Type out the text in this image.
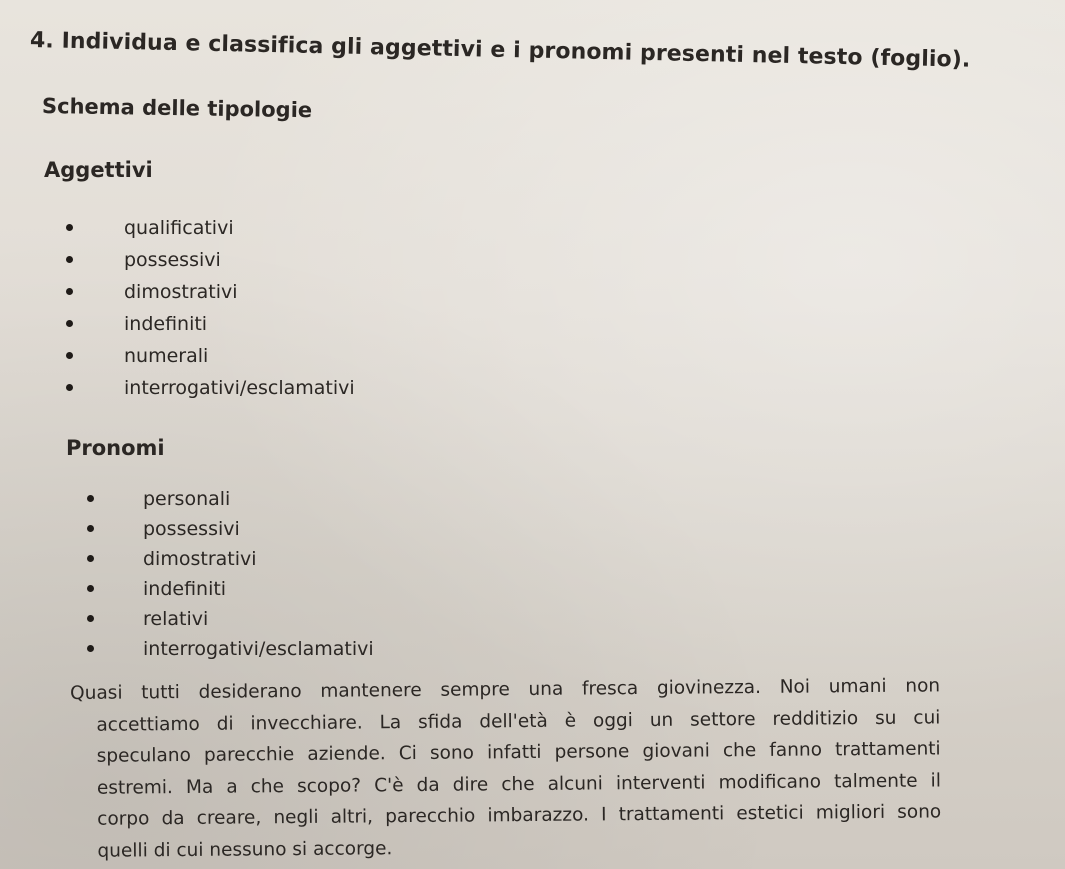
4. Individua e classifica gli aggettivi e i pronomi presenti nel testo (foglio).
Schema delle tipologie
Aggettivi
qualificativi
possessivi
dimostrativi
indefiniti
numerali
interrogativi/esclamativi
Pronomi
personali
possessivi
dimostrativi
indefiniti
relativi
interrogativi/esclamativi
Quasi tutti desiderano mantenere sempre una fresca giovinezza. Noi umani non
accettiamo di invecchiare. La sfida dell'età è oggi un settore redditizio su cui
speculano parecchie aziende. Ci sono infatti persone giovani che fanno trattamenti
estremi. Ma a che scopo? C'è da dire che alcuni interventi modificano talmente il
corpo da creare, negli altri, parecchio imbarazzo. I trattamenti estetici migliori sono
quelli di cui nessuno si accorge.
